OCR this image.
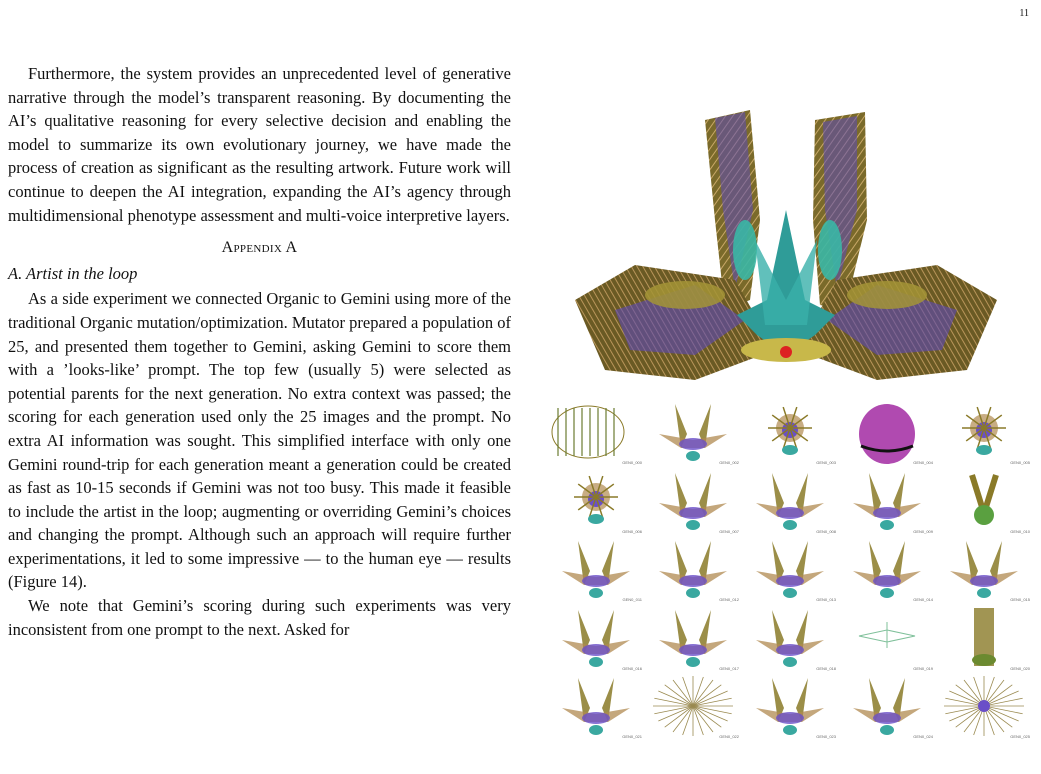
11

Furthermore, the system provides an unprecedented level of generative narrative through the model’s transparent reasoning. By documenting the AI’s qualitative reasoning for every selective decision and enabling the model to summarize its own evolutionary journey, we have made the process of creation as significant as the resulting artwork. Future work will continue to deepen the AI integration, expanding the AI’s agency through multidimensional phenotype assessment and multi-voice interpretive layers.

Appendix A
A. Artist in the loop

As a side experiment we connected Organic to Gemini using more of the traditional Organic mutation/optimization. Mutator prepared a population of 25, and presented them together to Gemini, asking Gemini to score them with a ’looks-like’ prompt. The top few (usually 5) were selected as potential parents for the next generation. No extra context was passed; the scoring for each generation used only the 25 images and the prompt. No extra AI information was sought. This simplified interface with only one Gemini round-trip for each generation meant a generation could be created as fast as 10-15 seconds if Gemini was not too busy. This made it feasible to include the artist in the loop; augmenting or overriding Gemini’s choices and changing the prompt. Although such an approach will require further experimentations, it led to some impressive — to the human eye — results (Figure 14).

We note that Gemini’s scoring during such experiments was very inconsistent from one prompt to the next. Asked for

GEN0_000	GEN0_002	GEN0_003	GEN0_004	GEN0_005
GEN0_006	GEN0_007	GEN0_008	GEN0_009	GEN0_010
GEN0_011	GEN0_012	GEN0_013	GEN0_014	GEN0_015
GEN0_016	GEN0_017	GEN0_018	GEN0_019	GEN0_020
GEN0_021	GEN0_022	GEN0_023	GEN0_024	GEN0_025
